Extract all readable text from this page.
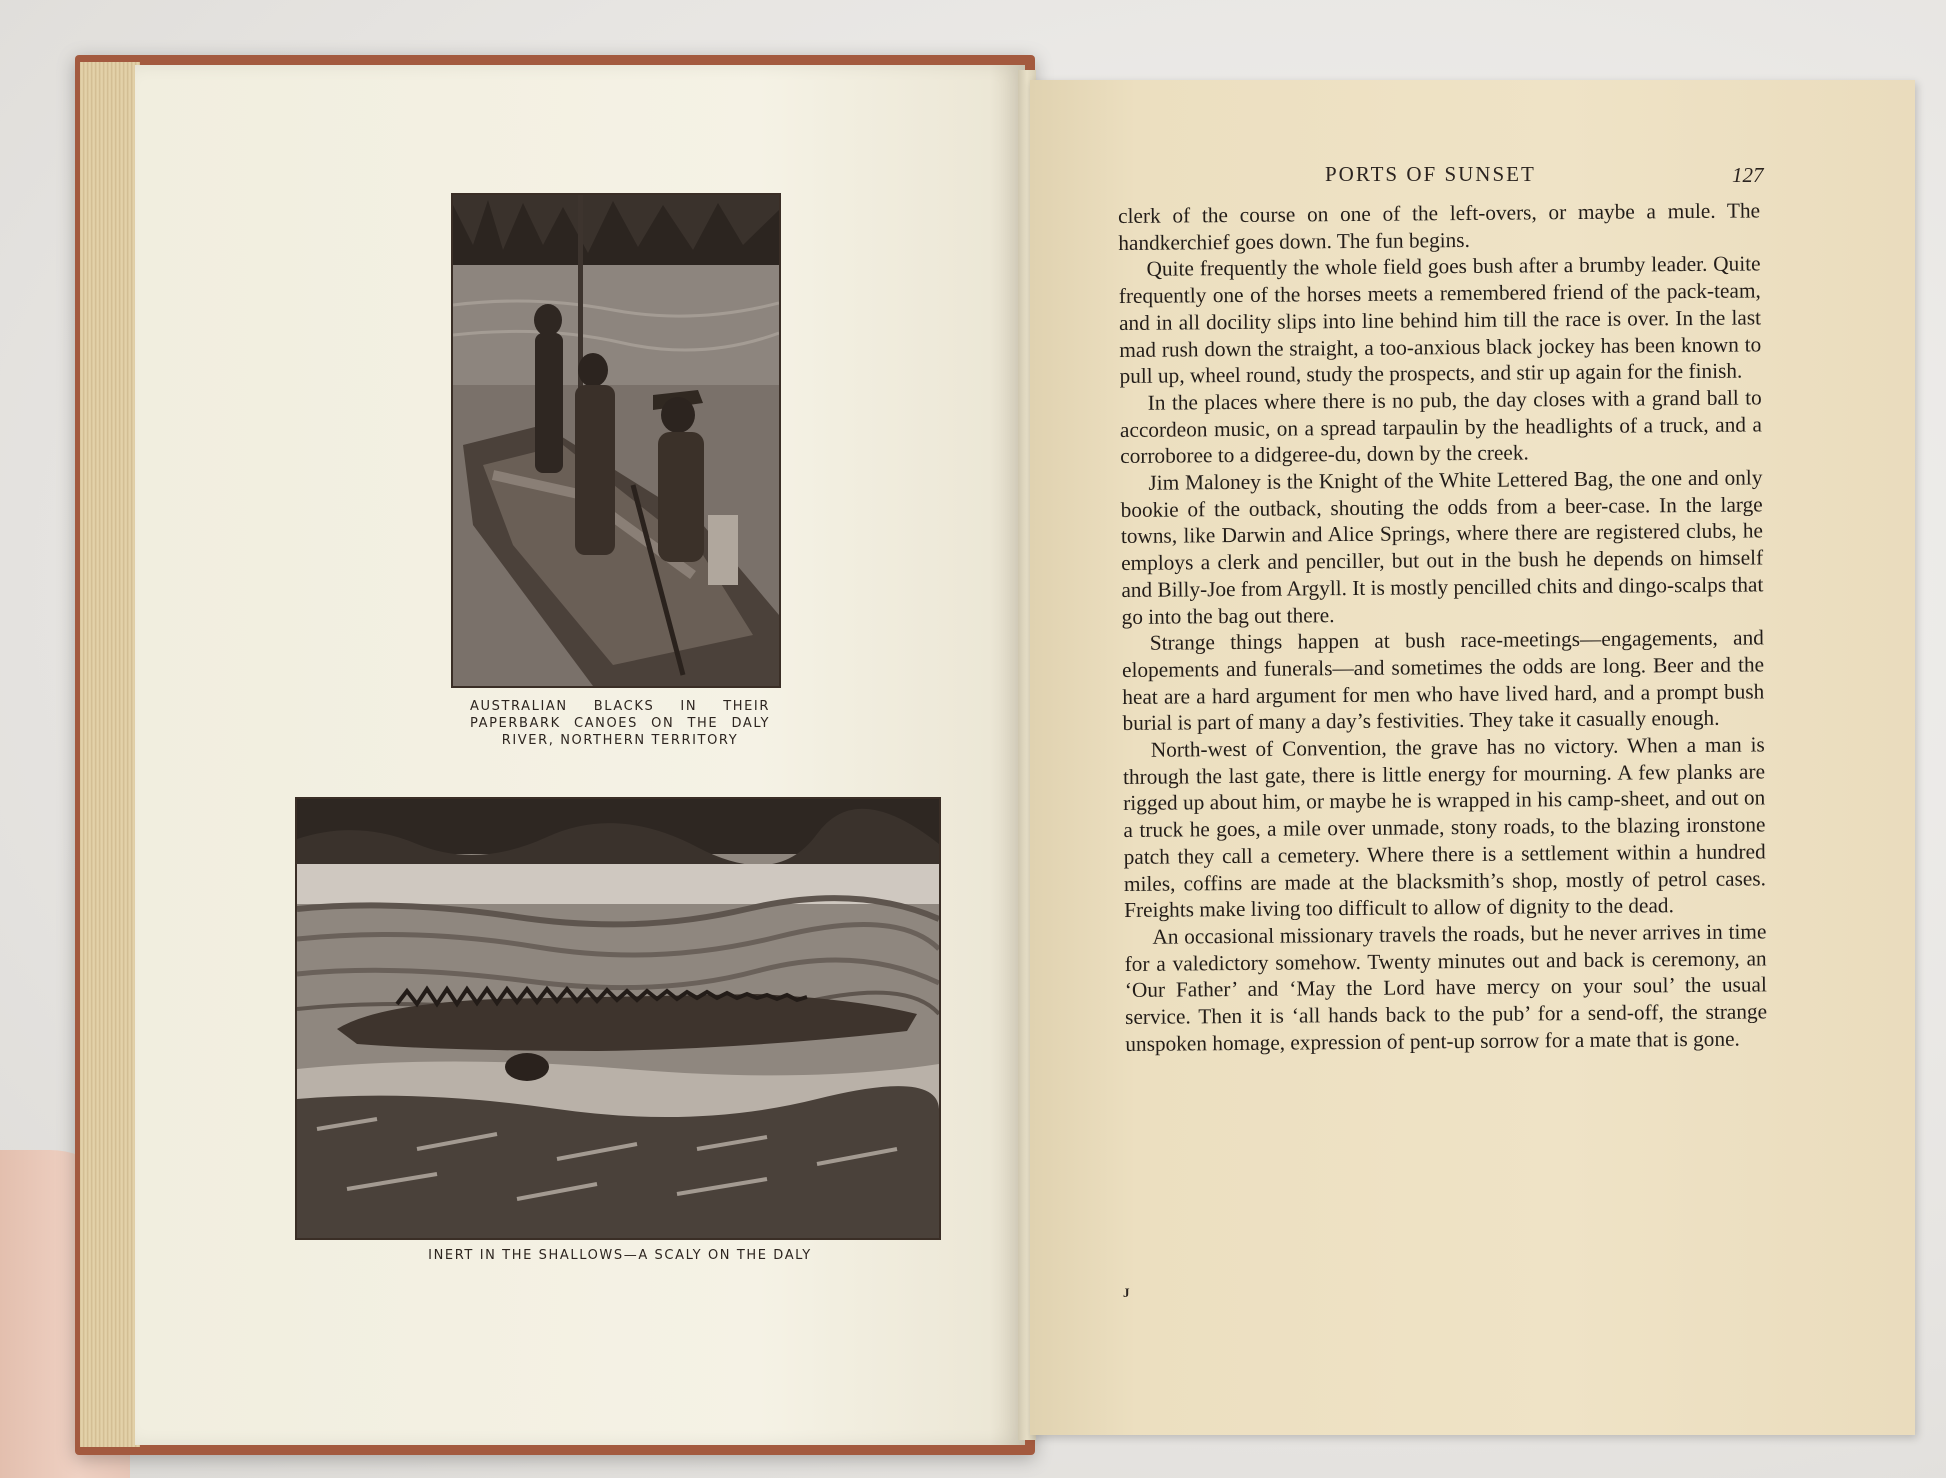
AUSTRALIAN BLACKS IN THEIR PAPERBARK CANOES ON THE DALY RIVER, NORTHERN TERRITORY
INERT IN THE SHALLOWS—A SCALY ON THE DALY
PORTS OF SUNSET	127

clerk of the course on one of the left-overs, or maybe a mule. The handkerchief goes down. The fun begins.

Quite frequently the whole field goes bush after a brumby leader. Quite frequently one of the horses meets a remembered friend of the pack-team, and in all docility slips into line behind him till the race is over. In the last mad rush down the straight, a too-anxious black jockey has been known to pull up, wheel round, study the prospects, and stir up again for the finish.

In the places where there is no pub, the day closes with a grand ball to accordeon music, on a spread tarpaulin by the headlights of a truck, and a corroboree to a didgeree-du, down by the creek.

Jim Maloney is the Knight of the White Lettered Bag, the one and only bookie of the outback, shouting the odds from a beer-case. In the large towns, like Darwin and Alice Springs, where there are registered clubs, he employs a clerk and penciller, but out in the bush he depends on himself and Billy-Joe from Argyll. It is mostly pencilled chits and dingo-scalps that go into the bag out there.

Strange things happen at bush race-meetings—engagements, and elopements and funerals—and sometimes the odds are long. Beer and the heat are a hard argument for men who have lived hard, and a prompt bush burial is part of many a day’s festivities. They take it casually enough.

North-west of Convention, the grave has no victory. When a man is through the last gate, there is little energy for mourning. A few planks are rigged up about him, or maybe he is wrapped in his camp-sheet, and out on a truck he goes, a mile over unmade, stony roads, to the blazing ironstone patch they call a cemetery. Where there is a settlement within a hundred miles, coffins are made at the blacksmith’s shop, mostly of petrol cases. Freights make living too difficult to allow of dignity to the dead.

An occasional missionary travels the roads, but he never arrives in time for a valedictory somehow. Twenty minutes out and back is ceremony, an ‘Our Father’ and ‘May the Lord have mercy on your soul’ the usual service. Then it is ‘all hands back to the pub’ for a send-off, the strange unspoken homage, expression of pent-up sorrow for a mate that is gone.

J
